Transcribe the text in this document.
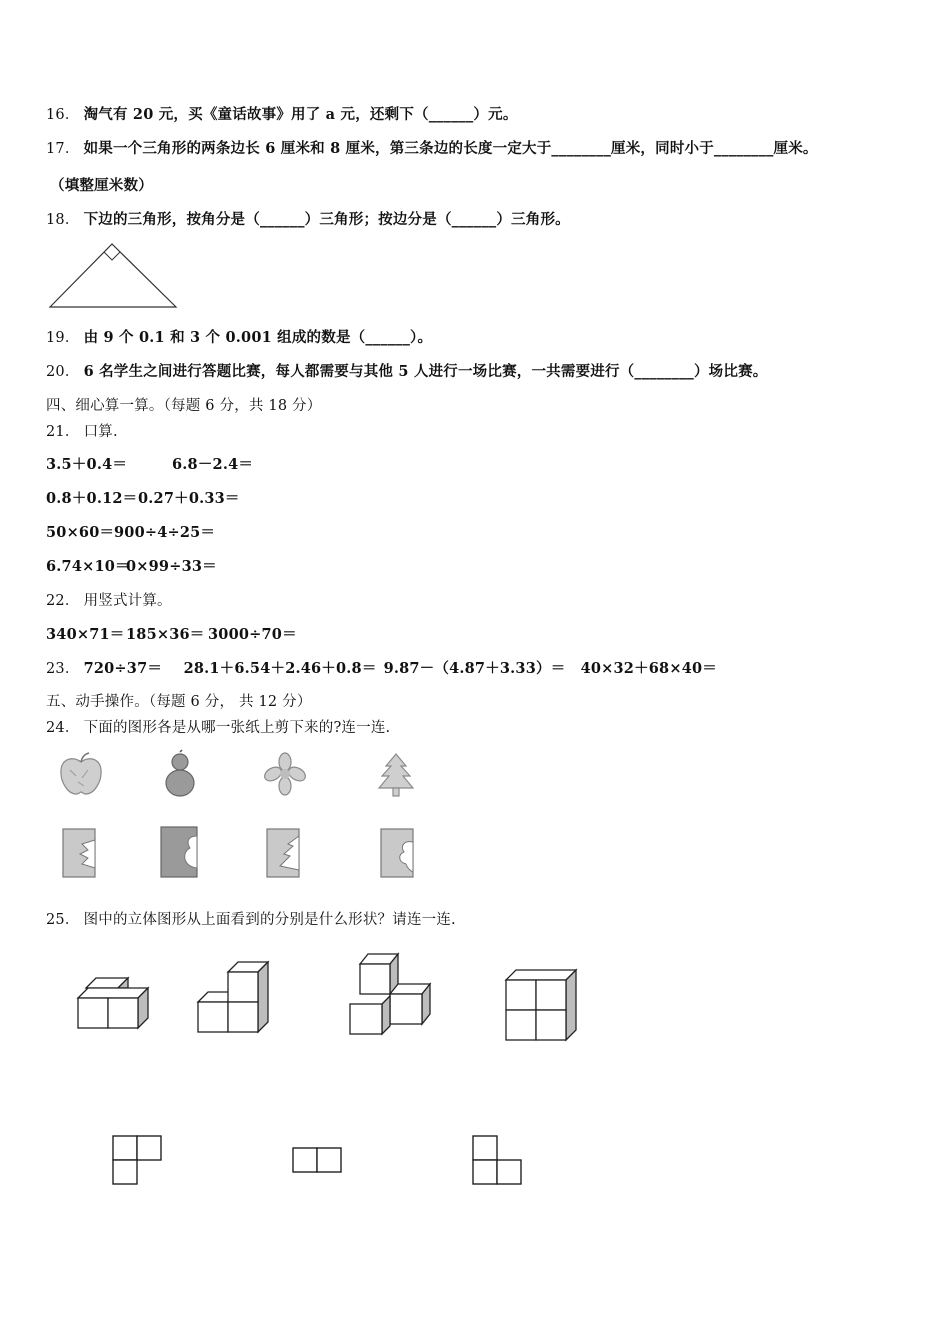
16． 淘气有 20 元，买《童话故事》用了 a 元，还剩下（______）元。
17． 如果一个三角形的两条边长 6 厘米和 8 厘米，第三条边的长度一定大于________厘米，同时小于________厘米。
（填整厘米数）
18． 下边的三角形，按角分是（______）三角形；按边分是（______）三角形。
19． 由 9 个 0.1 和 3 个 0.001 组成的数是（______）。
20． 6 名学生之间进行答题比赛，每人都需要与其他 5 人进行一场比赛，一共需要进行（________）场比赛。
四、细心算一算。（每题 6 分，共 18 分）
21． 口算.
3.5＋0.4＝	6.8－2.4＝
0.8＋0.12＝0.27＋0.33＝
50×60＝900÷4÷25＝
6.74×10＝0×99÷33＝
22． 用竖式计算。
340×71＝ 185×36＝ 3000÷70＝
23． 720÷37＝ 28.1＋6.54＋2.46＋0.8＝ 9.87－（4.87＋3.33）＝ 40×32＋68×40＝
五、动手操作。（每题 6 分， 共 12 分）
24． 下面的图形各是从哪一张纸上剪下来的?连一连.
25． 图中的立体图形从上面看到的分别是什么形状？请连一连.
